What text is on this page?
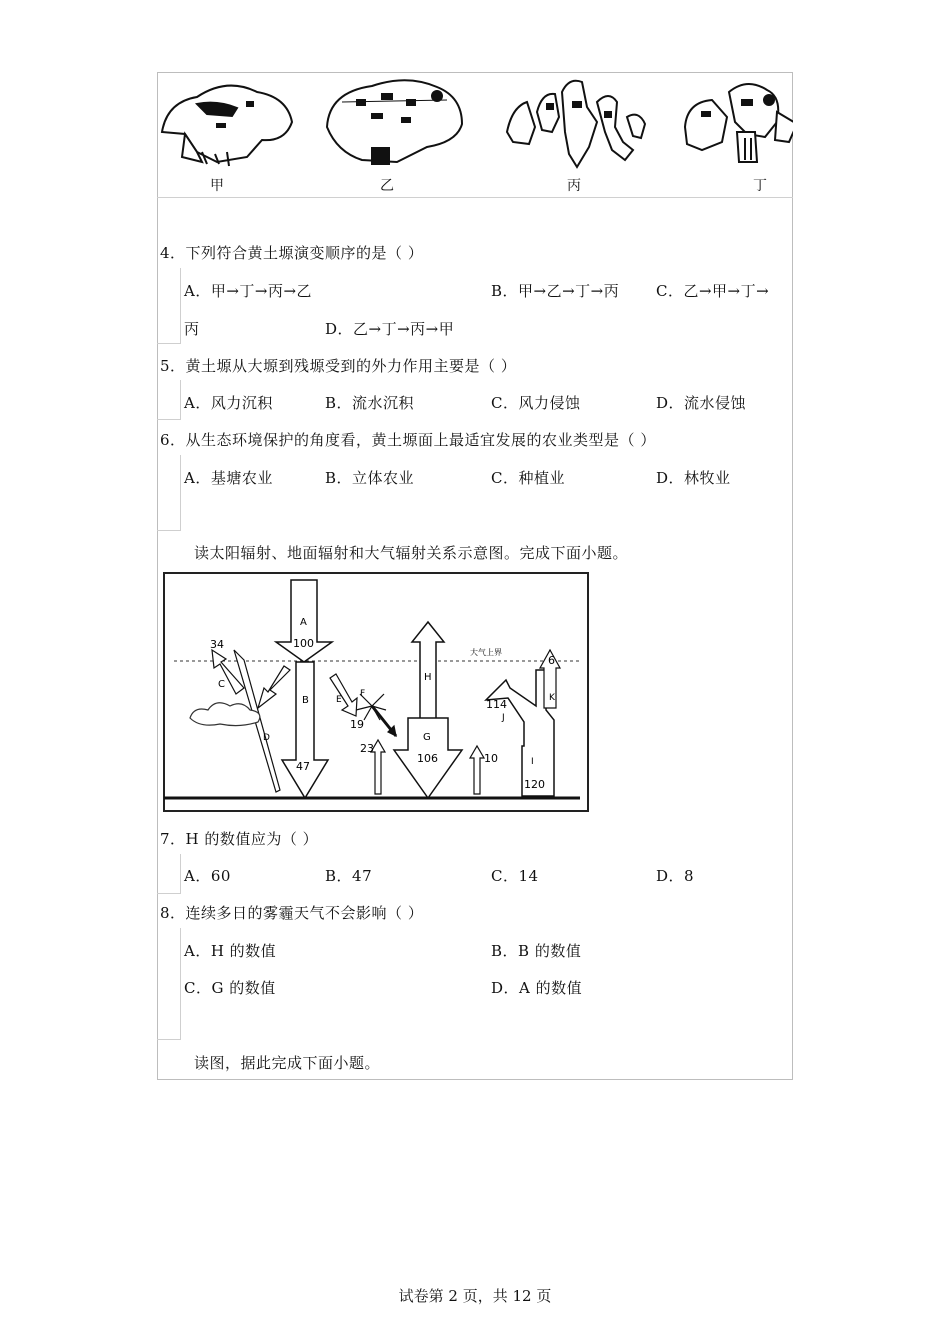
甲	乙	丙	丁
4．下列符合黄土塬演变顺序的是（ ）
A．甲→丁→丙→乙	B．甲→乙→丁→丙 C．乙→甲→丁→
丙	D．乙→丁→丙→甲
5．黄土塬从大塬到残塬受到的外力作用主要是（ ）
A．风力沉积	B．流水沉积	C．风力侵蚀	D．流水侵蚀
6．从生态环境保护的角度看，黄土塬面上最适宜发展的农业类型是（ ）
A．基塘农业	B．立体农业	C．种植业	D．林牧业
读太阳辐射、地面辐射和大气辐射关系示意图。完成下面小题。
大气上界
A
100
B
47
34
C
D
E
F
19
23
H
G
106	10
6
K
114
J
I
120
7．H 的数值应为（ ）
A．60	B．47	C．14	D．8
8．连续多日的雾霾天气不会影响（ ）
A．H 的数值	B．B 的数值
C．G 的数值	D．A 的数值
读图，据此完成下面小题。
试卷第 2 页，共 12 页
